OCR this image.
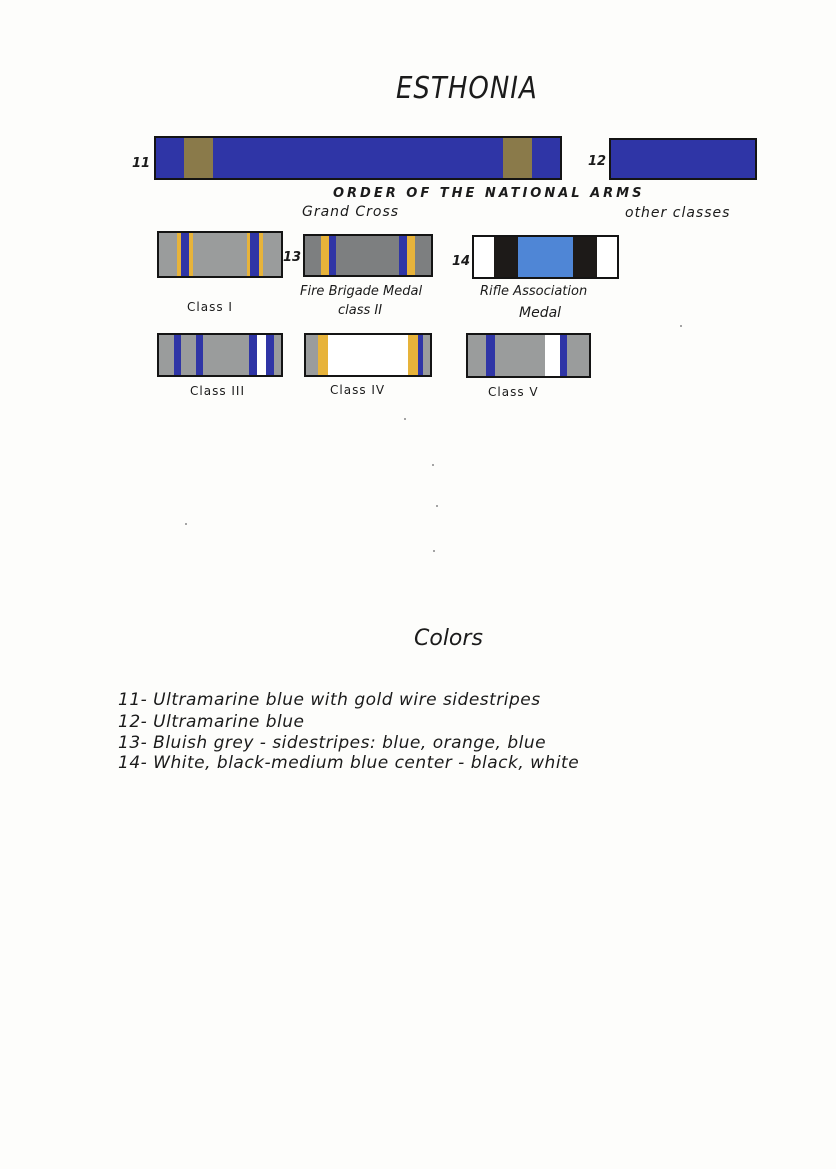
ESTHONIA
11	12
ORDER OF THE NATIONAL ARMS
Grand Cross	other classes
Class I
13
Fire Brigade Medal
class II
14
Rifle Association
Medal
Class III	Class IV	Class V
Colors
11- Ultramarine blue with gold wire sidestripes
12- Ultramarine blue
13- Bluish grey - sidestripes: blue, orange, blue
14- White, black-medium blue center - black, white
